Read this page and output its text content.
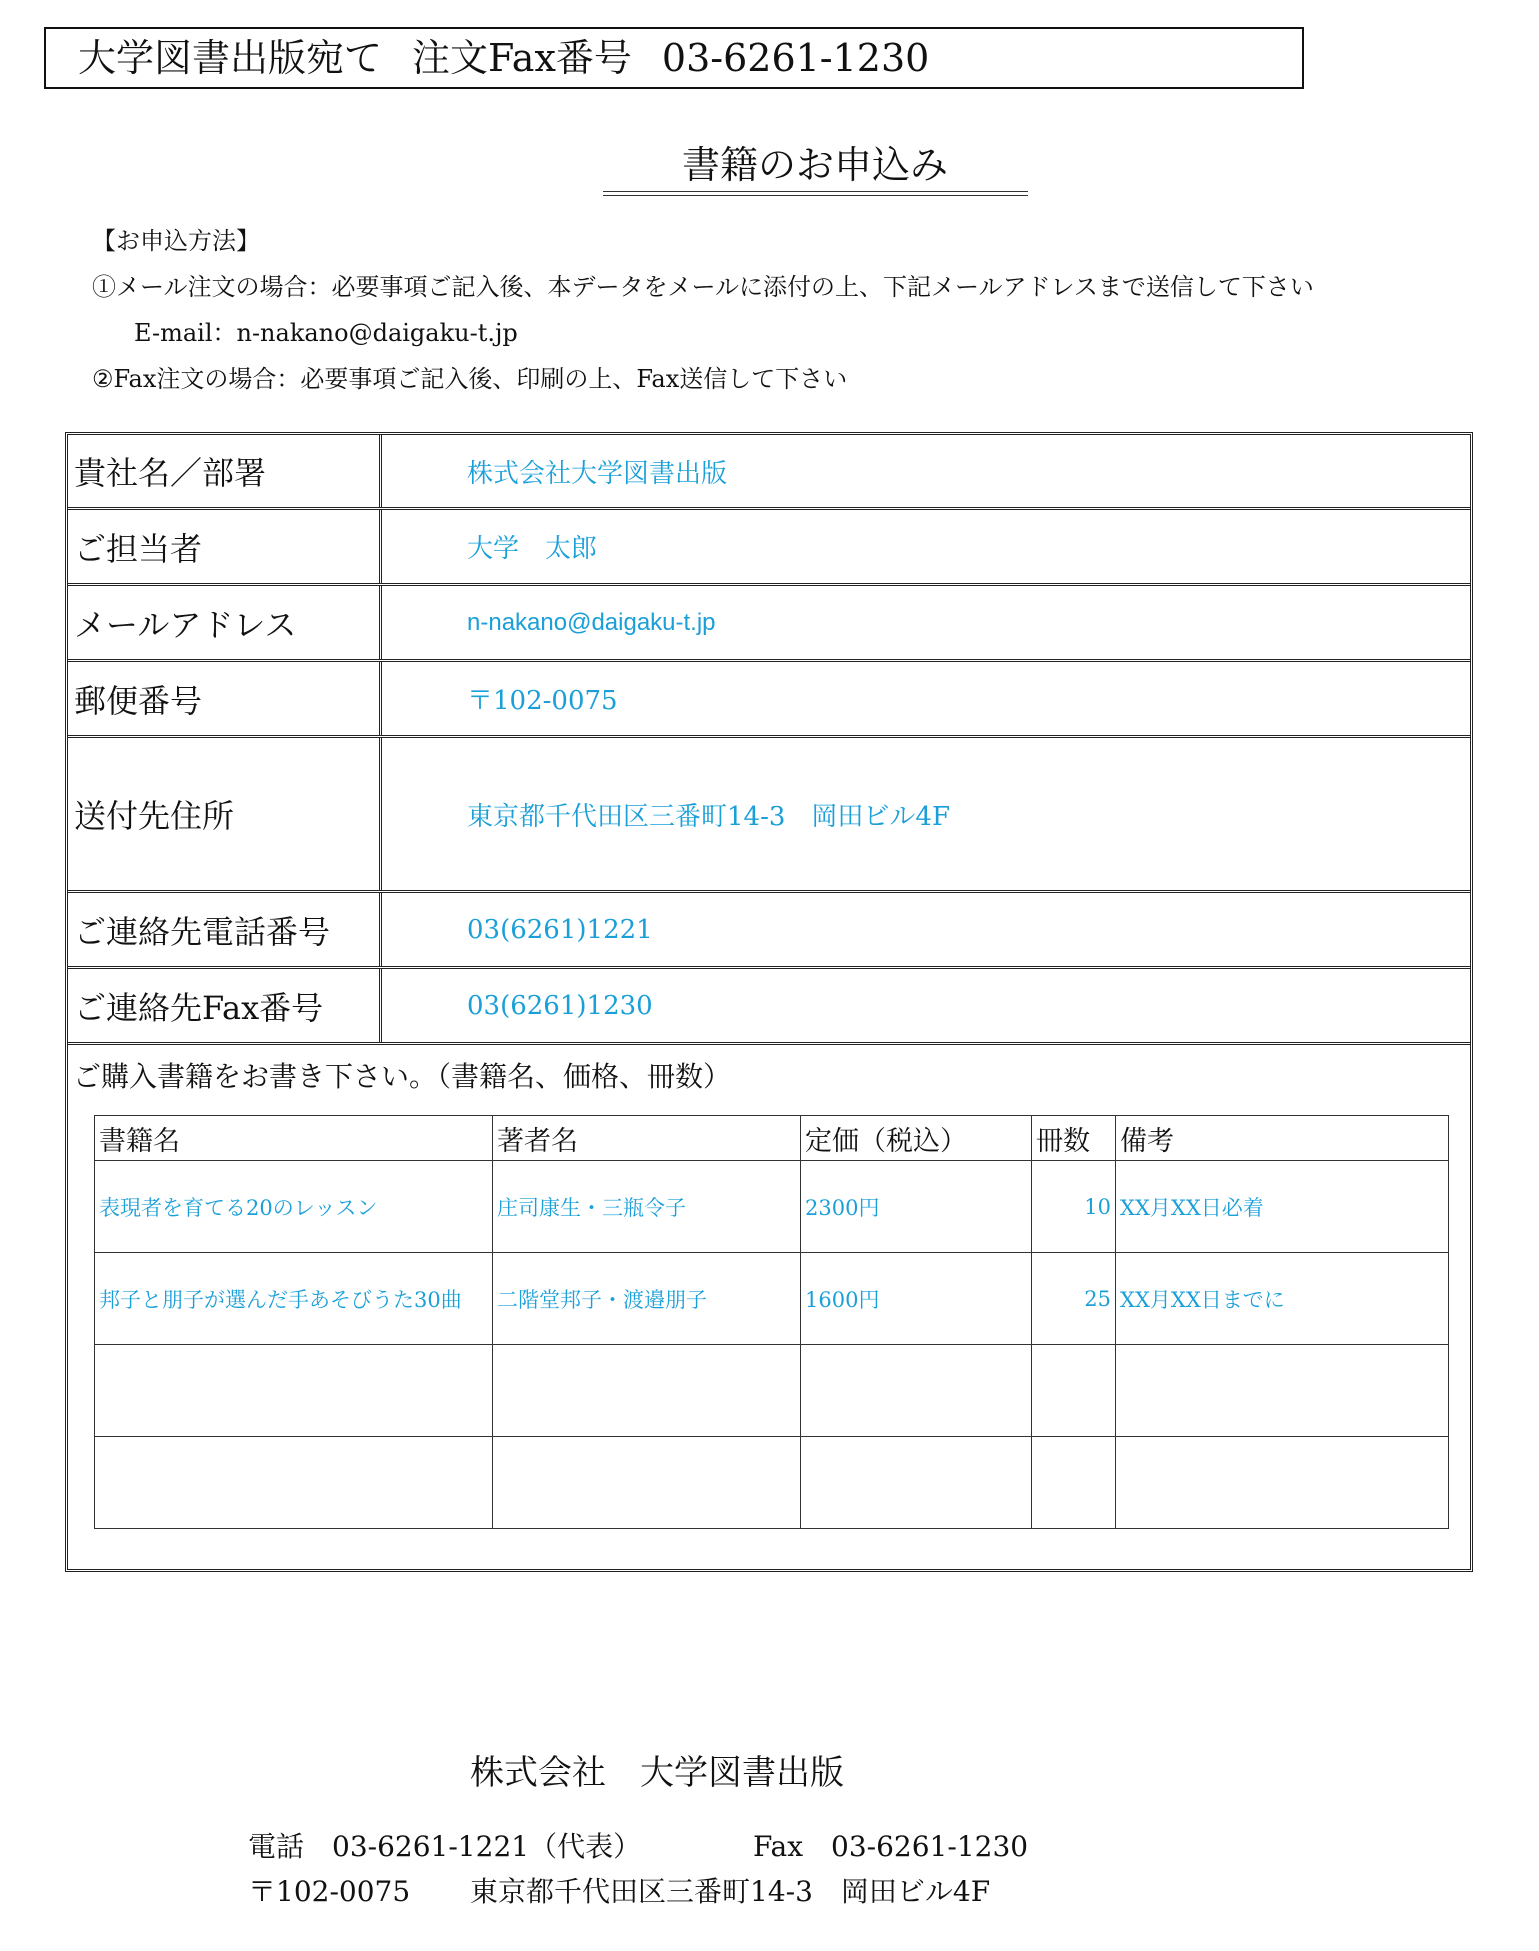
大学図書出版宛て 注文Fax番号 03-6261-1230
書籍のお申込み
【お申込方法】
①メール注文の場合：必要事項ご記入後、本データをメールに添付の上、下記メールアドレスまで送信して下さい
E-mail：n-nakano@daigaku-t.jp
②Fax注文の場合：必要事項ご記入後、印刷の上、Fax送信して下さい
貴社名／部署	株式会社大学図書出版
ご担当者	大学　太郎
メールアドレス	n-nakano@daigaku-t.jp
郵便番号	〒102-0075
送付先住所	東京都千代田区三番町14-3　岡田ビル4F
ご連絡先電話番号	03(6261)1221
ご連絡先Fax番号	03(6261)1230
ご購入書籍をお書き下さい。（書籍名、価格、冊数）
書籍名	著者名	定価（税込）	冊数	備考
表現者を育てる20のレッスン	庄司康生・三瓶令子	2300円	10	XX月XX日必着
邦子と朋子が選んだ手あそびうた30曲	二階堂邦子・渡邉朋子	1600円	25	XX月XX日までに

株式会社　大学図書出版
電話　03-6261-1221（代表）	Fax　03-6261-1230
〒102-0075 東京都千代田区三番町14-3　岡田ビル4F
